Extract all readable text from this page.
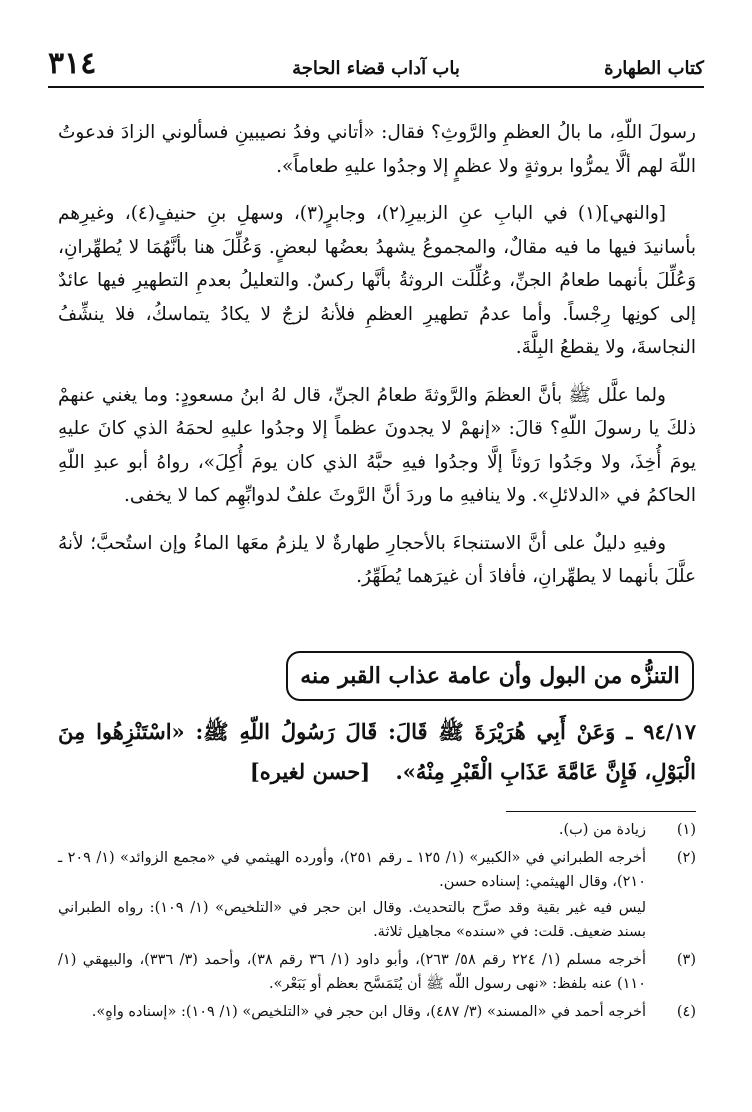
٣١٤	باب آداب قضاء الحاجة	كتاب الطهارة

رسولَ اللّهِ، ما بالُ العظمِ والرَّوثِ؟ فقال: «أتاني وفدُ نصيبينِ فسألوني الزادَ فدعوتُ اللّهَ لهم ألَّا يمرُّوا بروثةٍ ولا عظمٍ إلا وجدُوا عليهِ طعاماً».

[والنهي](١) في البابِ عنِ الزبيرِ(٢)، وجابرٍ(٣)، وسهلِ بنِ حنيفٍ(٤)، وغيرِهم بأسانيدَ فيها ما فيه مقالٌ، والمجموعُ يشهدُ بعضُها لبعضٍ. وَعُلِّلَ هنا بأنَّهُمَا لا يُطهِّرانِ، وَعُلِّلَ بأنهما طعامُ الجنِّ، وعُلِّلَت الروثةُ بأنَّها ركسٌ. والتعليلُ بعدمِ التطهيرِ فيها عائدٌ إلى كونِها رِجْساً. وأما عدمُ تطهيرِ العظمِ فلأنهُ لزجٌ لا يكادُ يتماسكُ، فلا ينشِّفُ النجاسةَ، ولا يقطعُ البِلَّةَ.

ولما علَّل ﷺ بأنَّ العظمَ والرَّوثةَ طعامُ الجنِّ، قال لهُ ابنُ مسعودٍ: وما يغني عنهمْ ذلكَ يا رسولَ اللّهِ؟ قالَ: «إنهمْ لا يجدونَ عظماً إلا وجدُوا عليهِ لحمَهُ الذي كانَ عليهِ يومَ أُخِذَ، ولا وجَدُوا رَوثاً إلَّا وجدُوا فيهِ حبَّهُ الذي كان يومَ أُكِلَ»، رواهُ أبو عبدِ اللّهِ الحاكمُ في «الدلائلِ». ولا ينافيهِ ما وردَ أنَّ الرَّوثَ علفٌ لدوابِّهِم كما لا يخفى.

وفيهِ دليلٌ على أنَّ الاستنجاءَ بالأحجارِ طهارةٌ لا يلزمُ معَها الماءُ وإن استُحبَّ؛ لأنهُ علَّلَ بأنهما لا يطهِّرانِ، فأفادَ أن غيرَهما يُطَهِّرُ.

التنزُّه من البول وأن عامة عذاب القبر منه
٩٤/١٧ ـ وَعَنْ أَبِي هُرَيْرَةَ ﷺ قَالَ: قَالَ رَسُولُ اللّهِ ﷺ: «اسْتَنْزِهُوا مِنَ الْبَوْلِ، فَإِنَّ عَامَّةَ عَذَابِ الْقَبْرِ مِنْهُ». [حسن لغيره]
(١)
زيادة من (ب).
(٢)
أخرجه الطبراني في «الكبير» (١/ ١٢٥ ـ رقم ٢٥١)، وأورده الهيثمي في «مجمع الزوائد» (١/ ٢٠٩ ـ ٢١٠)، وقال الهيثمي: إسناده حسن.
ليس فيه غير بقية وقد صرَّح بالتحديث. وقال ابن حجر في «التلخيص» (١/ ١٠٩): رواه الطبراني بسند ضعيف. قلت: في «سنده» مجاهيل ثلاثة.
(٣)
أخرجه مسلم (١/ ٢٢٤ رقم ٥٨/ ٢٦٣)، وأبو داود (١/ ٣٦ رقم ٣٨)، وأحمد (٣/ ٣٣٦)، والبيهقي (١/ ١١٠) عنه بلفظ: «نهى رسول اللّه ﷺ أن يُتَمَسَّح بعظم أو بَبَعْر».
(٤)
أخرجه أحمد في «المسند» (٣/ ٤٨٧)، وقال ابن حجر في «التلخيص» (١/ ١٠٩): «إسناده واهٍ».
